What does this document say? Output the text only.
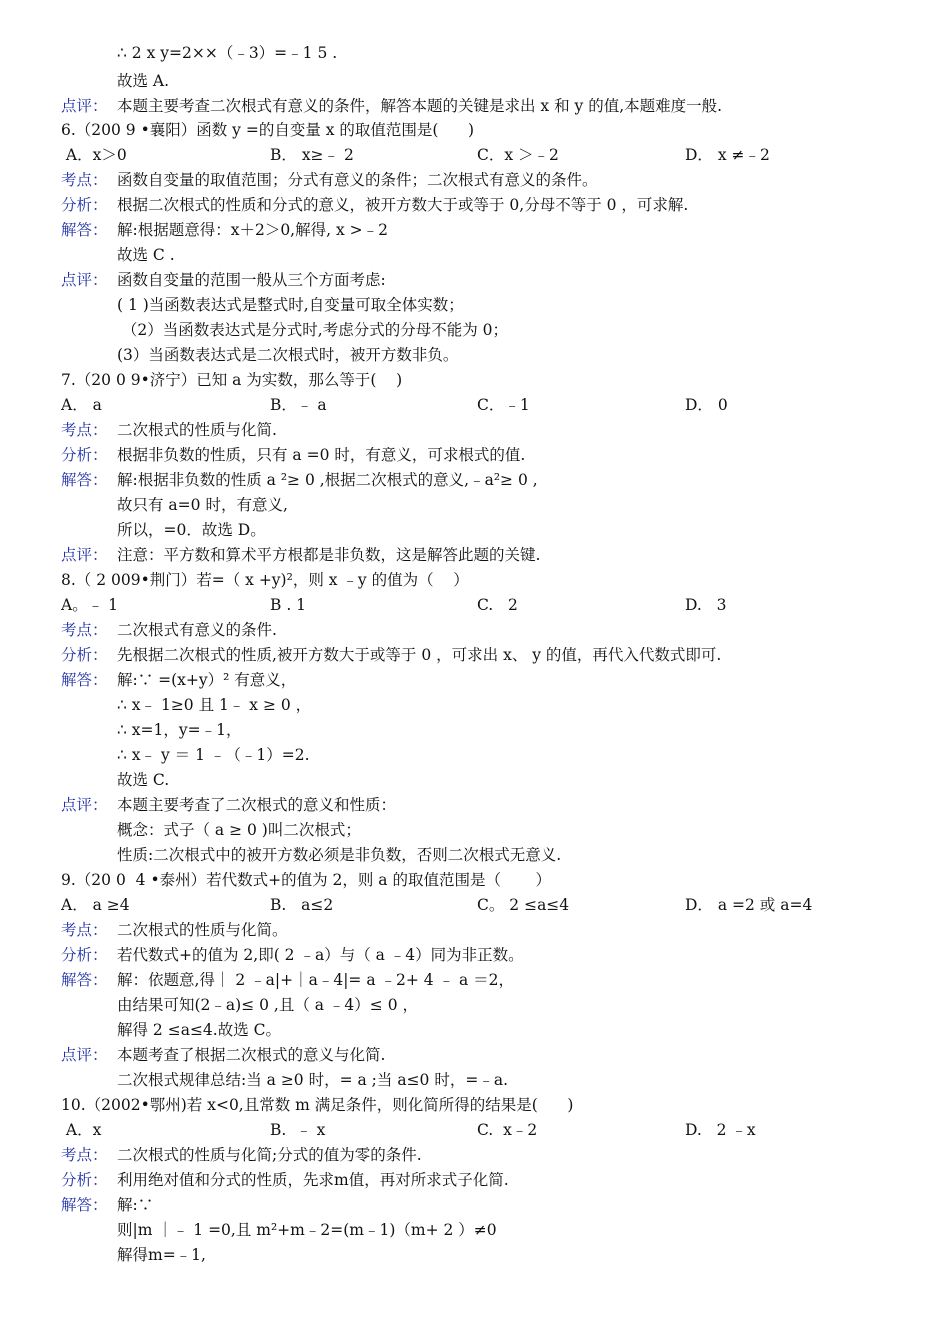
∴ 2 x y=2××（﹣3）=﹣1 5 .
故选 A.
点评： 本题主要考查二次根式有意义的条件，解答本题的关键是求出 x 和 y 的值,本题难度一般.
6.（200 9 •襄阳）函数 y =的自变量 x 的取值范围是(      )
A．x＞0	B． x≥﹣ 2	C．x ＞﹣2	D． x ≠﹣2
考点： 函数自变量的取值范围；分式有意义的条件；二次根式有意义的条件。
分析： 根据二次根式的性质和分式的意义，被开方数大于或等于 0,分母不等于 0 ，可求解.
解答： 解:根据题意得：x＋2＞0,解得, x >﹣2
故选 C .
点评： 函数自变量的范围一般从三个方面考虑:
( 1 )当函数表达式是整式时,自变量可取全体实数；
（2）当函数表达式是分式时,考虑分式的分母不能为 0；
(3）当函数表达式是二次根式时，被开方数非负。
7.（20 0 9•济宁）已知 a 为实数，那么等于(    )
A． a	B．﹣ a	C．﹣1	D． 0
考点： 二次根式的性质与化简.
分析： 根据非负数的性质，只有 a =0 时，有意义，可求根式的值.
解答： 解:根据非负数的性质 a ²≥ 0 ,根据二次根式的意义,﹣a²≥ 0 ,
故只有 a=0 时，有意义,
所以，=0．故选 D。
点评： 注意：平方数和算术平方根都是非负数，这是解答此题的关键.
8.（ 2 009•荆门）若=（ x +y)²，则 x ﹣y 的值为（    ）
A。﹣ 1	B . 1	C.   2	D.   3
考点： 二次根式有意义的条件.
分析： 先根据二次根式的性质,被开方数大于或等于 0 ，可求出 x、 y 的值，再代入代数式即可.
解答： 解:∵ =(x+y）² 有意义，
∴ x﹣ 1≥0 且 1﹣ x ≥ 0 ，
∴ x=1，y=﹣1，
∴ x﹣ y ＝ 1 ﹣（﹣1）=2.
故选 C.
点评： 本题主要考查了二次根式的意义和性质：
概念：式子（ a ≥ 0 )叫二次根式；
性质:二次根式中的被开方数必须是非负数，否则二次根式无意义.
9.（20 0  4 •泰州）若代数式+的值为 2，则 a 的取值范围是（       ）
A． a ≥4	B.   a≤2	C。 2 ≤a≤4	D． a =2 或 a=4
考点： 二次根式的性质与化简。
分析： 若代数式+的值为 2,即( 2 ﹣a）与（ a ﹣4）同为非正数。
解答： 解：依题意,得｜ 2 ﹣a|+｜a﹣4|= a ﹣2+ 4 ﹣ a ＝2，
由结果可知(2﹣a)≤ 0 ,且（ a ﹣4）≤ 0 ，
解得 2 ≤a≤4.故选 C。
点评： 本题考查了根据二次根式的意义与化简.
二次根式规律总结:当 a ≥0 时，= a ;当 a≤0 时，=﹣a.
10.（2002•鄂州)若 x<0,且常数 m 满足条件，则化简所得的结果是(      )
A．x	B.  ﹣ x	C.  x﹣2	D.   2 ﹣x
考点： 二次根式的性质与化简;分式的值为零的条件.
分析： 利用绝对值和分式的性质，先求m值，再对所求式子化简.
解答： 解:∵
则|m ｜﹣ 1 =0,且 m²+m﹣2=(m﹣1)（m+ 2 ）≠0
解得m=﹣1,
